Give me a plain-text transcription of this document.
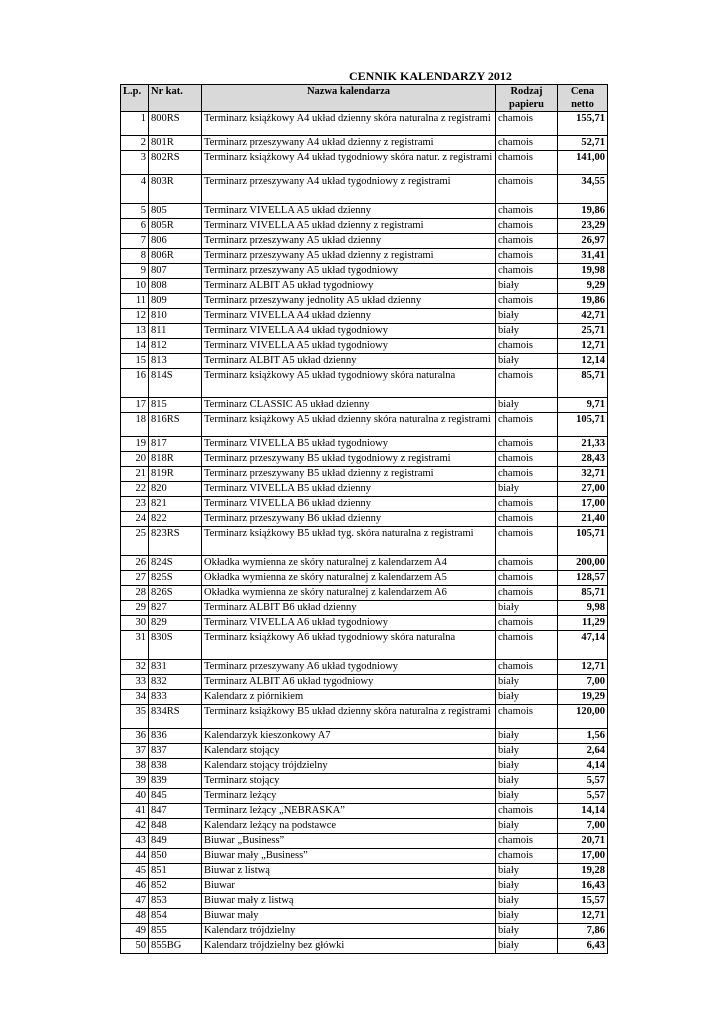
CENNIK KALENDARZY 2012
L.p.	Nr kat.	Nazwa kalendarza	Rodzaj papieru	Cena netto
1	800RS	Terminarz książkowy A4 układ dzienny skóra naturalna z registrami	chamois	155,71
2	801R	Terminarz przeszywany A4 układ dzienny z registrami	chamois	52,71
3	802RS	Terminarz książkowy A4 układ tygodniowy skóra natur. z registrami	chamois	141,00
4	803R	Terminarz przeszywany A4 układ tygodniowy z registrami	chamois	34,55
5	805	Terminarz VIVELLA A5 układ dzienny	chamois	19,86
6	805R	Terminarz VIVELLA A5 układ dzienny z registrami	chamois	23,29
7	806	Terminarz przeszywany A5 układ dzienny	chamois	26,97
8	806R	Terminarz przeszywany A5 układ dzienny z registrami	chamois	31,41
9	807	Terminarz przeszywany A5 układ tygodniowy	chamois	19,98
10	808	Terminarz ALBIT A5 układ tygodniowy	biały	9,29
11	809	Terminarz przeszywany jednolity A5 układ dzienny	chamois	19,86
12	810	Terminarz VIVELLA A4 układ dzienny	biały	42,71
13	811	Terminarz VIVELLA A4 układ tygodniowy	biały	25,71
14	812	Terminarz VIVELLA A5 układ tygodniowy	chamois	12,71
15	813	Terminarz ALBIT A5 układ dzienny	biały	12,14
16	814S	Terminarz książkowy A5 układ tygodniowy skóra naturalna	chamois	85,71
17	815	Terminarz CLASSIC A5 układ dzienny	biały	9,71
18	816RS	Terminarz książkowy A5 układ dzienny skóra naturalna z registrami	chamois	105,71
19	817	Terminarz VIVELLA B5 układ tygodniowy	chamois	21,33
20	818R	Terminarz przeszywany B5 układ tygodniowy z registrami	chamois	28,43
21	819R	Terminarz przeszywany B5 układ dzienny z registrami	chamois	32,71
22	820	Terminarz VIVELLA B5 układ dzienny	biały	27,00
23	821	Terminarz VIVELLA B6 układ dzienny	chamois	17,00
24	822	Terminarz przeszywany B6 układ dzienny	chamois	21,40
25	823RS	Terminarz książkowy B5 układ tyg. skóra naturalna z registrami	chamois	105,71
26	824S	Okładka wymienna ze skóry naturalnej z kalendarzem A4	chamois	200,00
27	825S	Okładka wymienna ze skóry naturalnej z kalendarzem A5	chamois	128,57
28	826S	Okładka wymienna ze skóry naturalnej z kalendarzem A6	chamois	85,71
29	827	Terminarz ALBIT B6 układ dzienny	biały	9,98
30	829	Terminarz VIVELLA A6 układ tygodniowy	chamois	11,29
31	830S	Terminarz książkowy A6 układ tygodniowy skóra naturalna	chamois	47,14
32	831	Terminarz przeszywany A6 układ tygodniowy	chamois	12,71
33	832	Terminarz ALBIT A6 układ tygodniowy	biały	7,00
34	833	Kalendarz z piórnikiem	biały	19,29
35	834RS	Terminarz książkowy B5 układ dzienny skóra naturalna z registrami	chamois	120,00
36	836	Kalendarzyk kieszonkowy A7	biały	1,56
37	837	Kalendarz stojący	biały	2,64
38	838	Kalendarz stojący trójdzielny	biały	4,14
39	839	Terminarz stojący	biały	5,57
40	845	Terminarz leżący	biały	5,57
41	847	Terminarz leżący „NEBRASKA”	chamois	14,14
42	848	Kalendarz leżący na podstawce	biały	7,00
43	849	Biuwar „Business”	chamois	20,71
44	850	Biuwar mały „Business”	chamois	17,00
45	851	Biuwar z listwą	biały	19,28
46	852	Biuwar	biały	16,43
47	853	Biuwar mały z listwą	biały	15,57
48	854	Biuwar mały	biały	12,71
49	855	Kalendarz trójdzielny	biały	7,86
50	855BG	Kalendarz trójdzielny bez główki	biały	6,43
